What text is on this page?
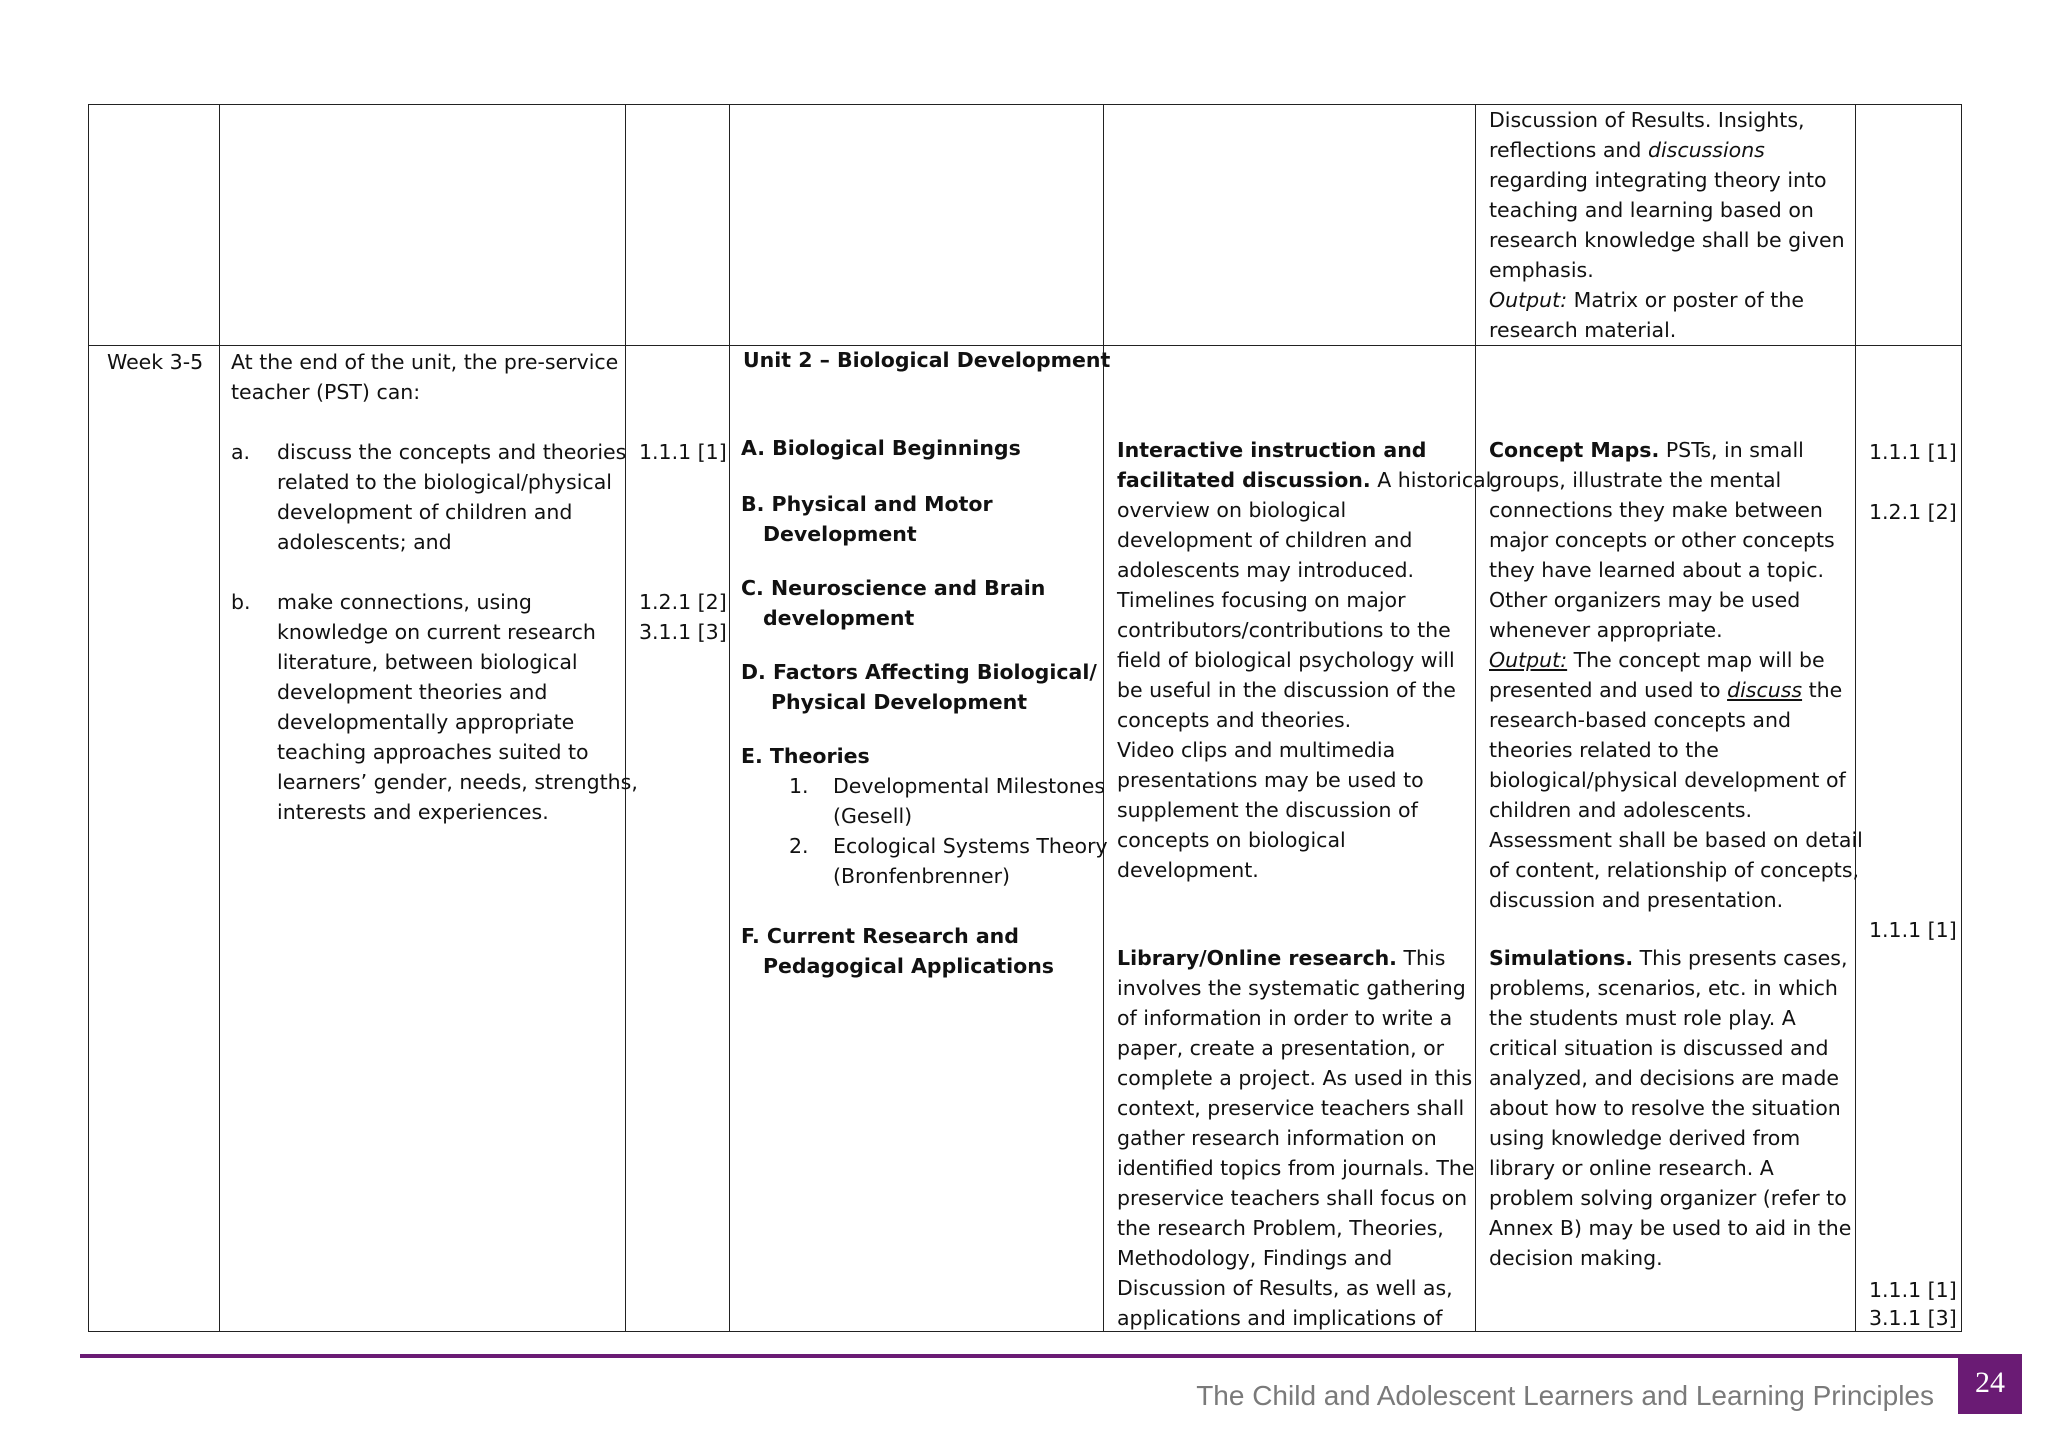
Discussion of Results. Insights,
reflections and discussions
regarding integrating theory into
teaching and learning based on
research knowledge shall be given
emphasis.
Output: Matrix or poster of the
research material.
Week 3-5 At the end of the unit, the pre-service
teacher (PST) can:
a. discuss the concepts and theories
related to the biological/physical
development of children and
adolescents; and
b. make connections, using
knowledge on current research
literature, between biological
development theories and
developmentally appropriate
teaching approaches suited to
learners’ gender, needs, strengths,
interests and experiences.
1.1.1 [1]
1.2.1 [2]
3.1.1 [3]
Unit 2 – Biological Development
A. Biological Beginnings
B. Physical and Motor
Development
C. Neuroscience and Brain
development
D. Factors Affecting Biological/
Physical Development
E. Theories
1. Developmental Milestones
(Gesell)
2. Ecological Systems Theory
(Bronfenbrenner)
F. Current Research and
Pedagogical Applications
Interactive instruction and
facilitated discussion. A historical
overview on biological
development of children and
adolescents may introduced.
Timelines focusing on major
contributors/contributions to the
field of biological psychology will
be useful in the discussion of the
concepts and theories.
Video clips and multimedia
presentations may be used to
supplement the discussion of
concepts on biological
development.
Library/Online research. This
involves the systematic gathering
of information in order to write a
paper, create a presentation, or
complete a project. As used in this
context, preservice teachers shall
gather research information on
identified topics from journals. The
preservice teachers shall focus on
the research Problem, Theories,
Methodology, Findings and
Discussion of Results, as well as,
applications and implications of
Concept Maps. PSTs, in small
groups, illustrate the mental
connections they make between
major concepts or other concepts
they have learned about a topic.
Other organizers may be used
whenever appropriate.
Output: The concept map will be
presented and used to discuss the
research-based concepts and
theories related to the
biological/physical development of
children and adolescents.
Assessment shall be based on detail
of content, relationship of concepts,
discussion and presentation.
Simulations. This presents cases,
problems, scenarios, etc. in which
the students must role play. A
critical situation is discussed and
analyzed, and decisions are made
about how to resolve the situation
using knowledge derived from
library or online research. A
problem solving organizer (refer to
Annex B) may be used to aid in the
decision making.
1.1.1 [1]
1.2.1 [2]
1.1.1 [1]
1.1.1 [1]
3.1.1 [3]
The Child and Adolescent Learners and Learning Principles	24
